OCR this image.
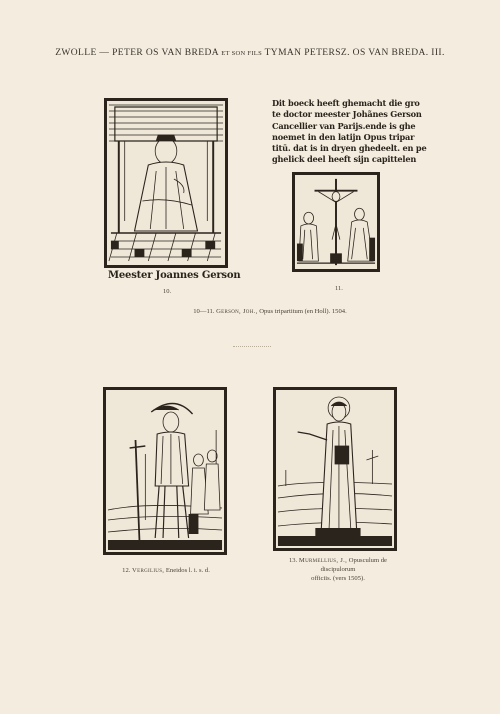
ZWOLLE — PETER OS VAN BREDA ET SON FILS TYMAN PETERSZ. OS VAN BREDA. III.
Meester Joannes Gerson
10.
Dit boeck heeft ghemacht die gro
te doctor meester Johãnes Gerson
Cancellier van Parijs.ende is ghe
noemet in den latijn Opus tripar
titū. dat is in dryen ghedeelt. en pe
ghelick deel heeft sijn capittelen
11.
10—11. Gerson, Joh., Opus tripartitum (en Holl). 1504.
12. Vergilius, Eneidos l. i. s. d.
13. Murmellius, J., Opusculum de discipulorum
officiis. (vers 1505).
